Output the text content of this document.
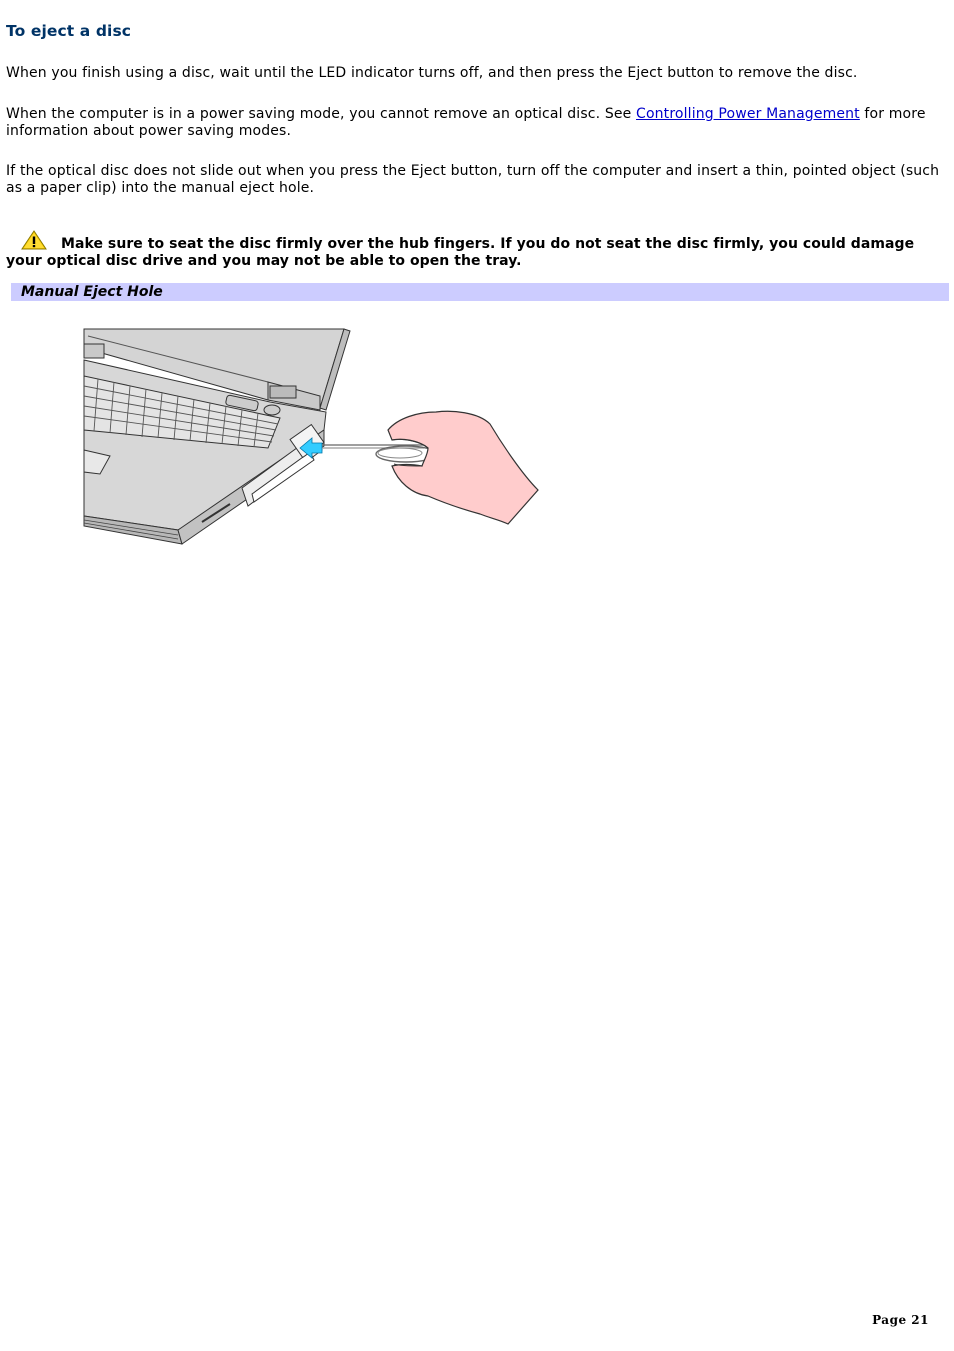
To eject a disc

When you finish using a disc, wait until the LED indicator turns off, and then press the Eject button to remove the disc.

When the computer is in a power saving mode, you cannot remove an optical disc. See Controlling Power Management for more information about power saving modes.

If the optical disc does not slide out when you press the Eject button, turn off the computer and insert a thin, pointed object (such as a paper clip) into the manual eject hole.

Make sure to seat the disc firmly over the hub fingers. If you do not seat the disc firmly, you could damage your optical disc drive and you may not be able to open the tray.

Manual Eject Hole
Page 21
